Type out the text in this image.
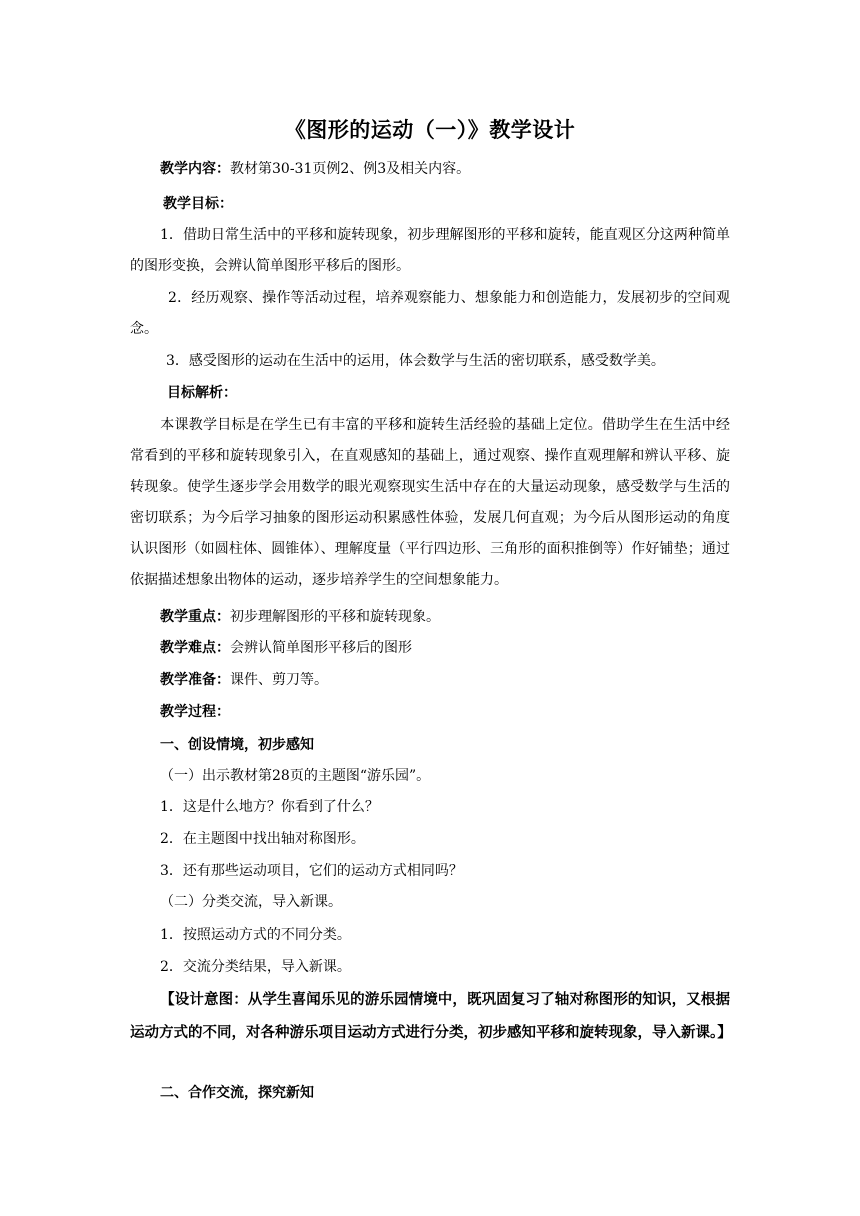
《图形的运动（一）》教学设计
教学内容：教材第30-31页例2、例3及相关内容。
教学目标：
1．借助日常生活中的平移和旋转现象，初步理解图形的平移和旋转，能直观区分这两种简单的图形变换，会辨认简单图形平移后的图形。
2．经历观察、操作等活动过程，培养观察能力、想象能力和创造能力，发展初步的空间观念。
3．感受图形的运动在生活中的运用，体会数学与生活的密切联系，感受数学美。
目标解析：
本课教学目标是在学生已有丰富的平移和旋转生活经验的基础上定位。借助学生在生活中经常看到的平移和旋转现象引入，在直观感知的基础上，通过观察、操作直观理解和辨认平移、旋转现象。使学生逐步学会用数学的眼光观察现实生活中存在的大量运动现象，感受数学与生活的密切联系；为今后学习抽象的图形运动积累感性体验，发展几何直观；为今后从图形运动的角度认识图形（如圆柱体、圆锥体）、理解度量（平行四边形、三角形的面积推倒等）作好铺垫；通过依据描述想象出物体的运动，逐步培养学生的空间想象能力。
教学重点：初步理解图形的平移和旋转现象。
教学难点：会辨认简单图形平移后的图形
教学准备：课件、剪刀等。
教学过程：
一、创设情境，初步感知
（一）出示教材第28页的主题图“游乐园”。
1．这是什么地方？你看到了什么？
2．在主题图中找出轴对称图形。
3．还有那些运动项目，它们的运动方式相同吗？
（二）分类交流，导入新课。
1．按照运动方式的不同分类。
2．交流分类结果，导入新课。
【设计意图：从学生喜闻乐见的游乐园情境中，既巩固复习了轴对称图形的知识，又根据运动方式的不同，对各种游乐项目运动方式进行分类，初步感知平移和旋转现象，导入新课。】
二、合作交流，探究新知
